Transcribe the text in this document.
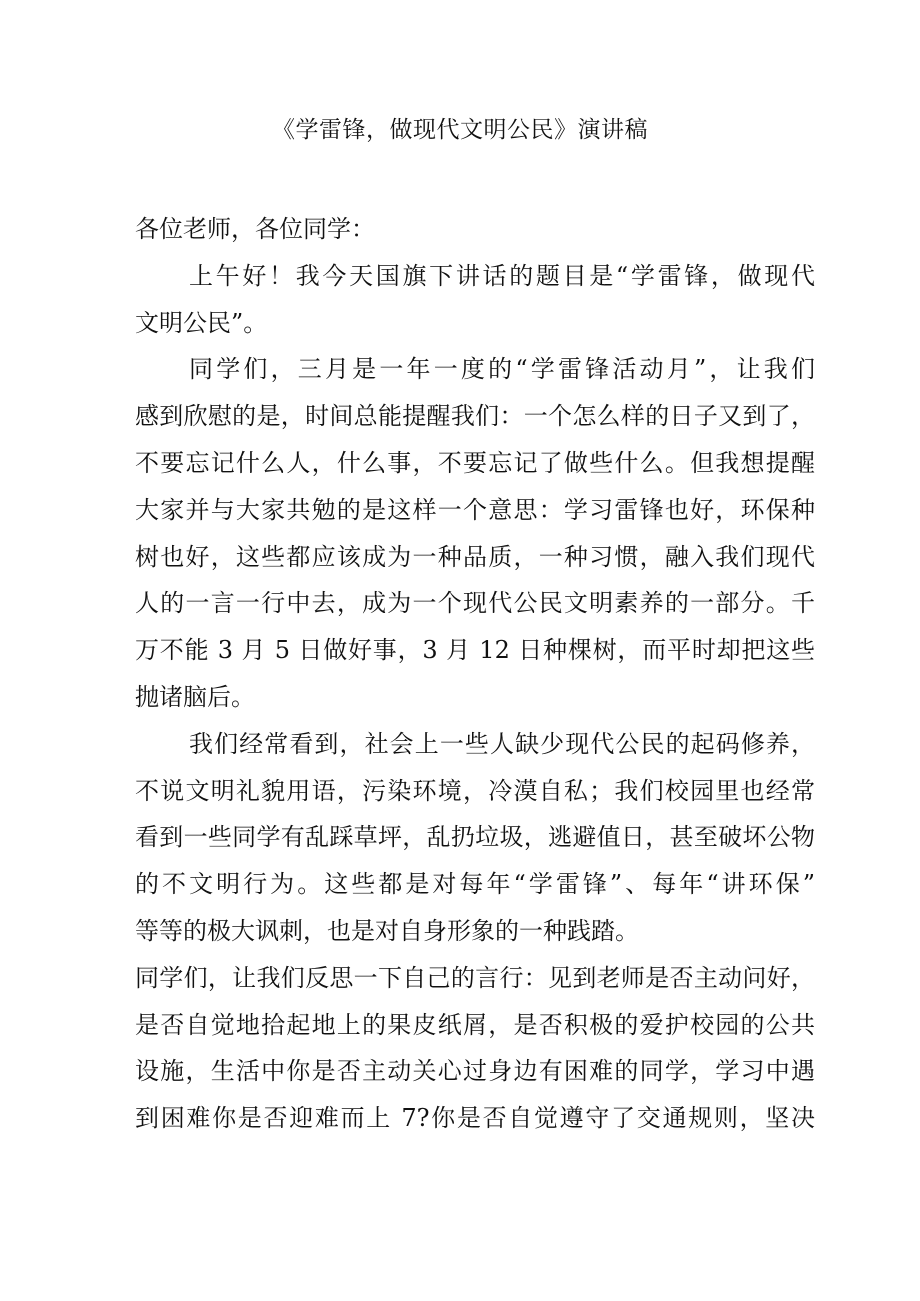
《学雷锋，做现代文明公民》演讲稿
各位老师，各位同学：
上午好！我今天国旗下讲话的题目是“学雷锋，做现代
文明公民”。
同学们，三月是一年一度的“学雷锋活动月”，让我们
感到欣慰的是，时间总能提醒我们：一个怎么样的日子又到了，
不要忘记什么人，什么事，不要忘记了做些什么。但我想提醒
大家并与大家共勉的是这样一个意思：学习雷锋也好，环保种
树也好，这些都应该成为一种品质，一种习惯，融入我们现代
人的一言一行中去，成为一个现代公民文明素养的一部分。千
万不能 3 月 5 日做好事，3 月 12 日种棵树，而平时却把这些
抛诸脑后。
我们经常看到，社会上一些人缺少现代公民的起码修养，
不说文明礼貌用语，污染环境，冷漠自私；我们校园里也经常
看到一些同学有乱踩草坪，乱扔垃圾，逃避值日，甚至破坏公物
的不文明行为。这些都是对每年“学雷锋”、每年“讲环保”
等等的极大讽刺，也是对自身形象的一种践踏。
同学们，让我们反思一下自己的言行：见到老师是否主动问好，
是否自觉地拾起地上的果皮纸屑，是否积极的爱护校园的公共
设施，生活中你是否主动关心过身边有困难的同学，学习中遇
到困难你是否迎难而上 7?你是否自觉遵守了交通规则，坚决
